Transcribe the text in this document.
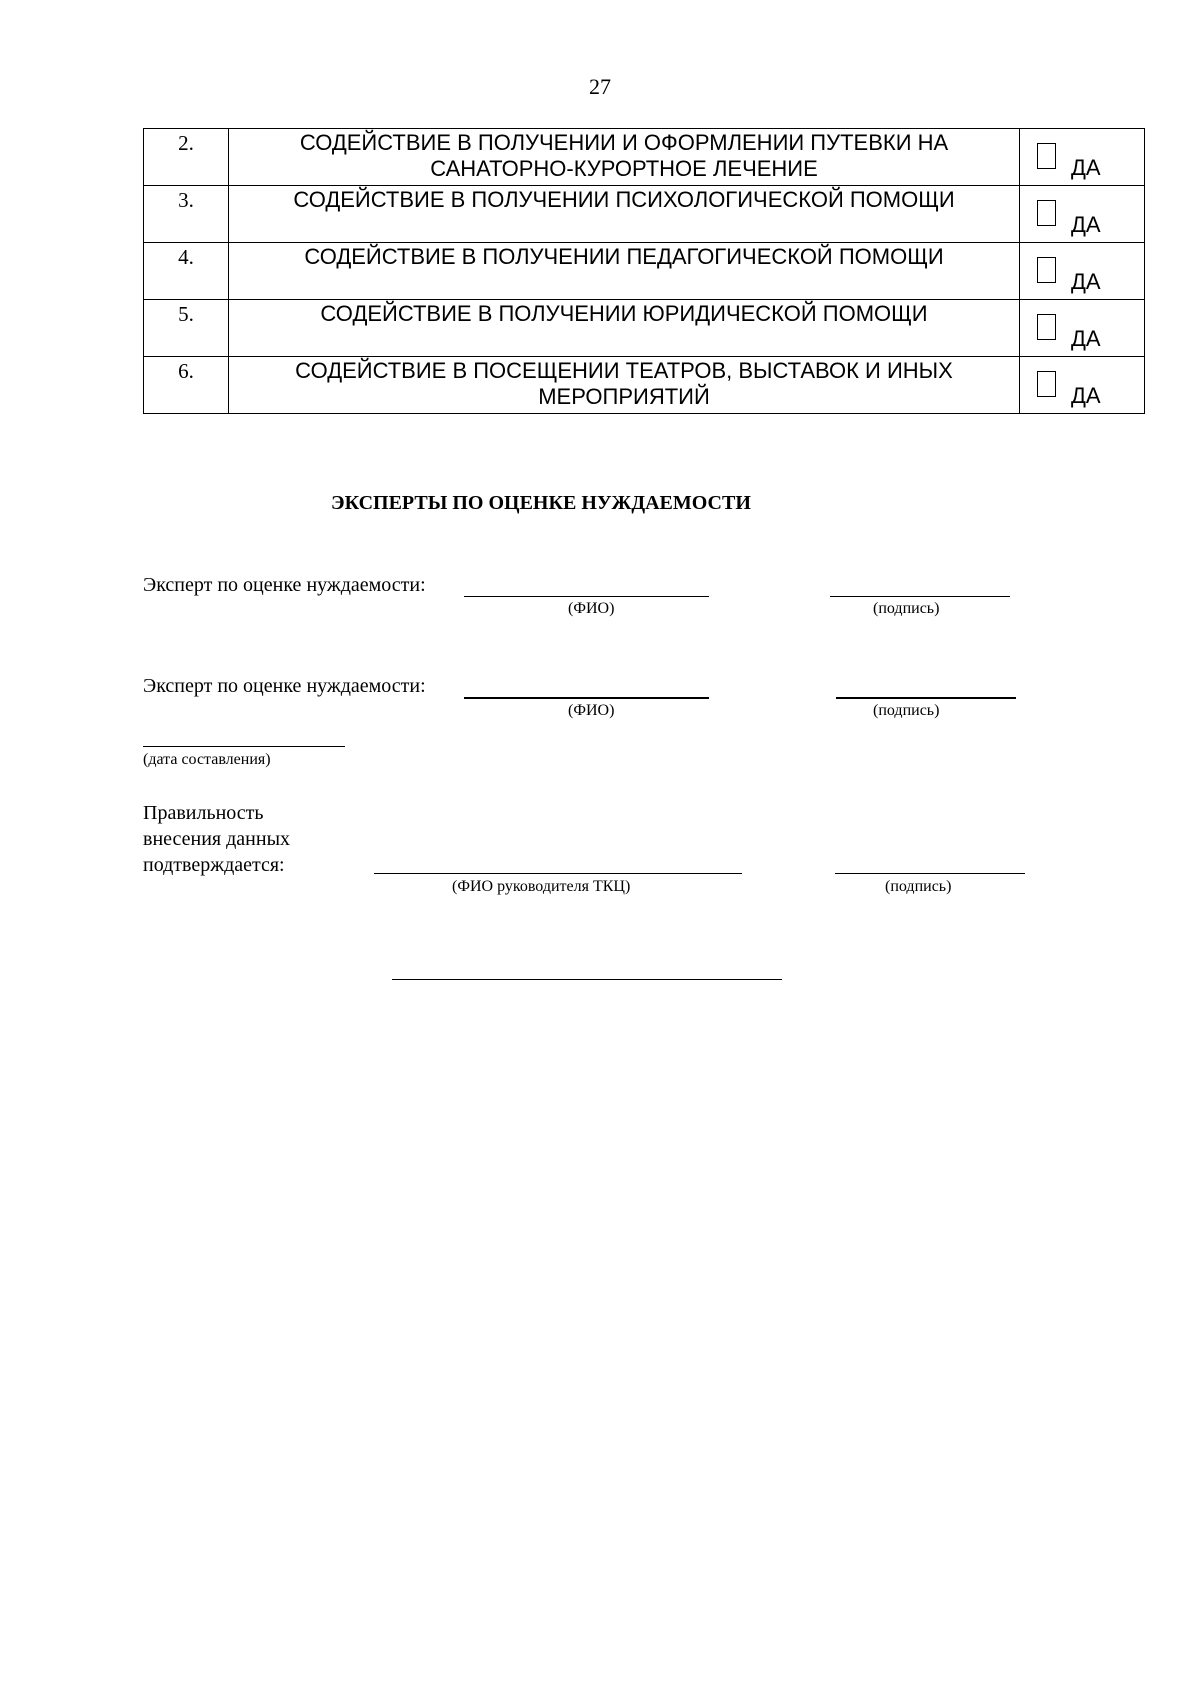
27
2.	СОДЕЙСТВИЕ В ПОЛУЧЕНИИ И ОФОРМЛЕНИИ ПУТЕВКИ НА САНАТОРНО-КУРОРТНОЕ ЛЕЧЕНИЕ	ДА

3.	СОДЕЙСТВИЕ В ПОЛУЧЕНИИ ПСИХОЛОГИЧЕСКОЙ ПОМОЩИ	ДА

4.	СОДЕЙСТВИЕ В ПОЛУЧЕНИИ ПЕДАГОГИЧЕСКОЙ ПОМОЩИ	ДА

5.	СОДЕЙСТВИЕ В ПОЛУЧЕНИИ ЮРИДИЧЕСКОЙ ПОМОЩИ	ДА

6.	СОДЕЙСТВИЕ В ПОСЕЩЕНИИ ТЕАТРОВ, ВЫСТАВОК И ИНЫХ МЕРОПРИЯТИЙ	ДА
ЭКСПЕРТЫ ПО ОЦЕНКЕ НУЖДАЕМОСТИ
Эксперт по оценке нуждаемости:
(ФИО)	(подпись)
Эксперт по оценке нуждаемости:
(ФИО)	(подпись)
(дата составления)
Правильность
внесения данных
подтверждается:
(ФИО руководителя ТКЦ)	(подпись)
